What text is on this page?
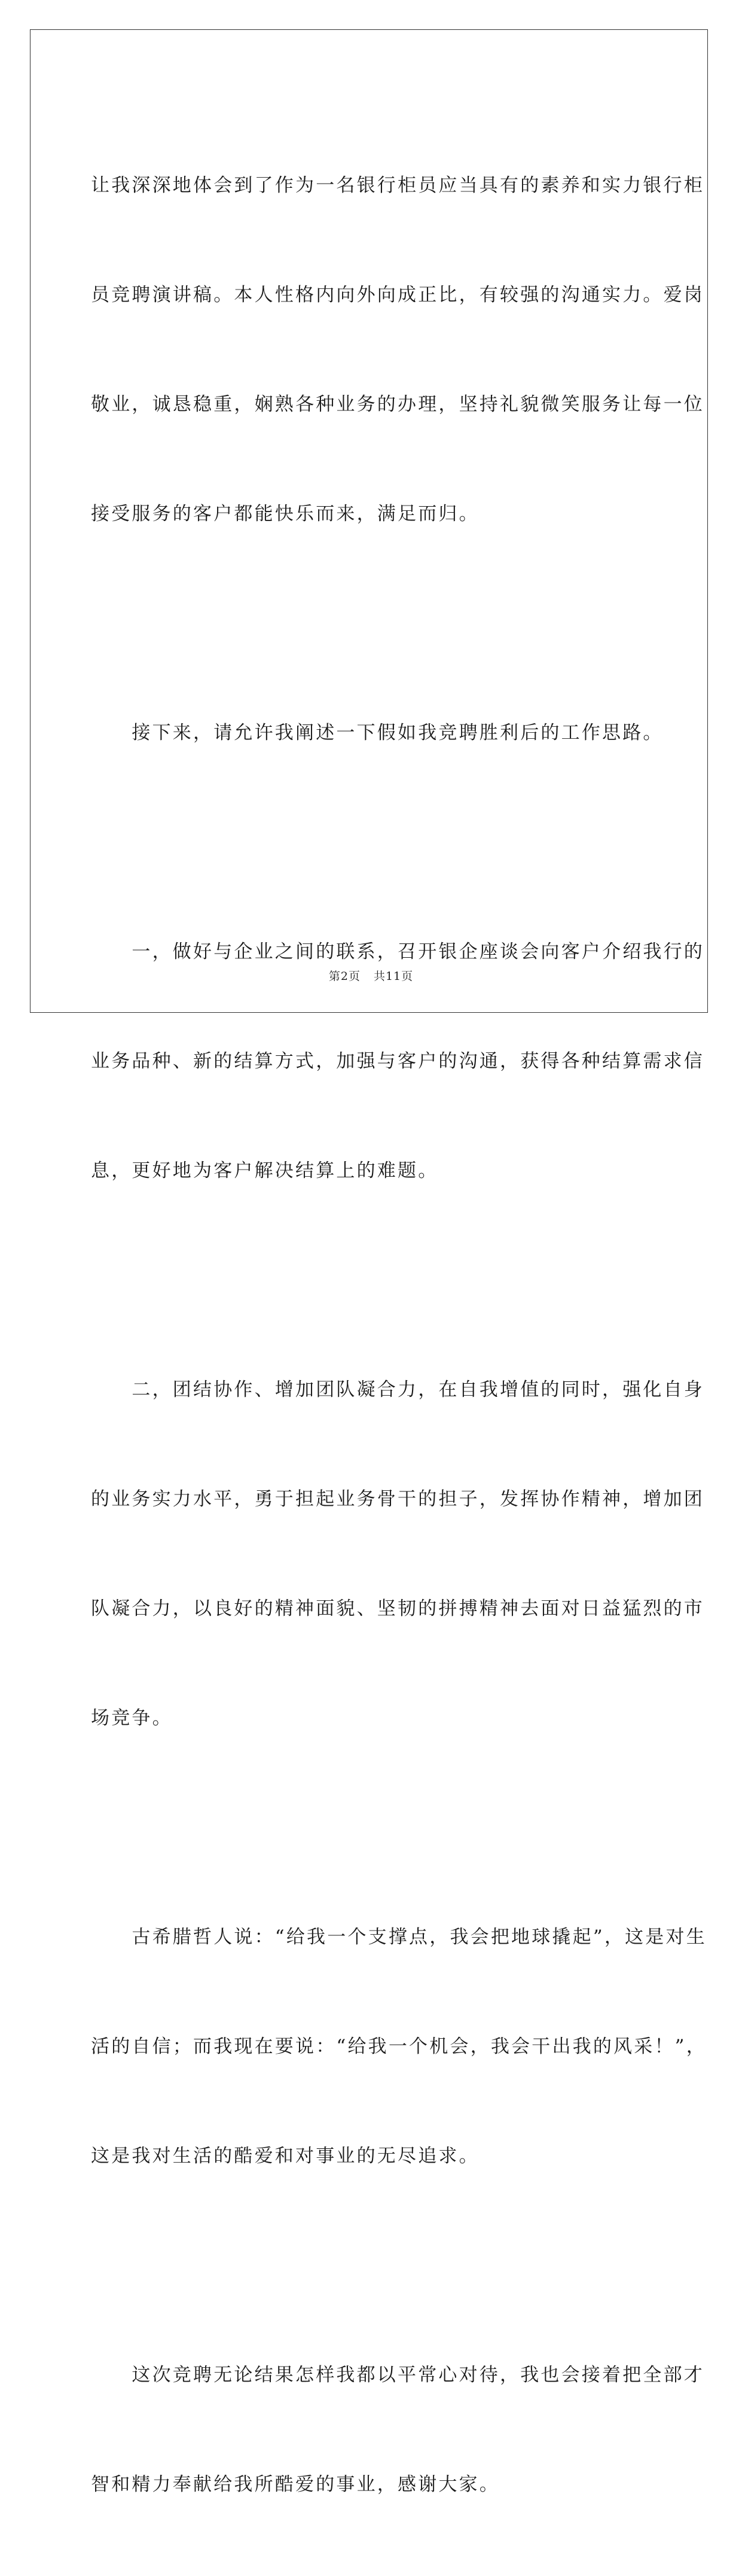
让我深深地体会到了作为一名银行柜员应当具有的素养和实力银行柜

员竞聘演讲稿。本人性格内向外向成正比，有较强的沟通实力。爱岗

敬业，诚恳稳重，娴熟各种业务的办理，坚持礼貌微笑服务让每一位

接受服务的客户都能快乐而来，满足而归。

　　接下来，请允许我阐述一下假如我竞聘胜利后的工作思路。

　　一，做好与企业之间的联系，召开银企座谈会向客户介绍我行的

业务品种、新的结算方式，加强与客户的沟通，获得各种结算需求信

息，更好地为客户解决结算上的难题。

　　二，团结协作、增加团队凝合力，在自我增值的同时，强化自身

的业务实力水平，勇于担起业务骨干的担子，发挥协作精神，增加团

队凝合力，以良好的精神面貌、坚韧的拼搏精神去面对日益猛烈的市

场竞争。

　　古希腊哲人说：“给我一个支撑点，我会把地球撬起”，这是对生

活的自信；而我现在要说：“给我一个机会，我会干出我的风采！”，

这是我对生活的酷爱和对事业的无尽追求。

　　这次竞聘无论结果怎样我都以平常心对待，我也会接着把全部才

智和精力奉献给我所酷爱的事业，感谢大家。

第2页 共11页
